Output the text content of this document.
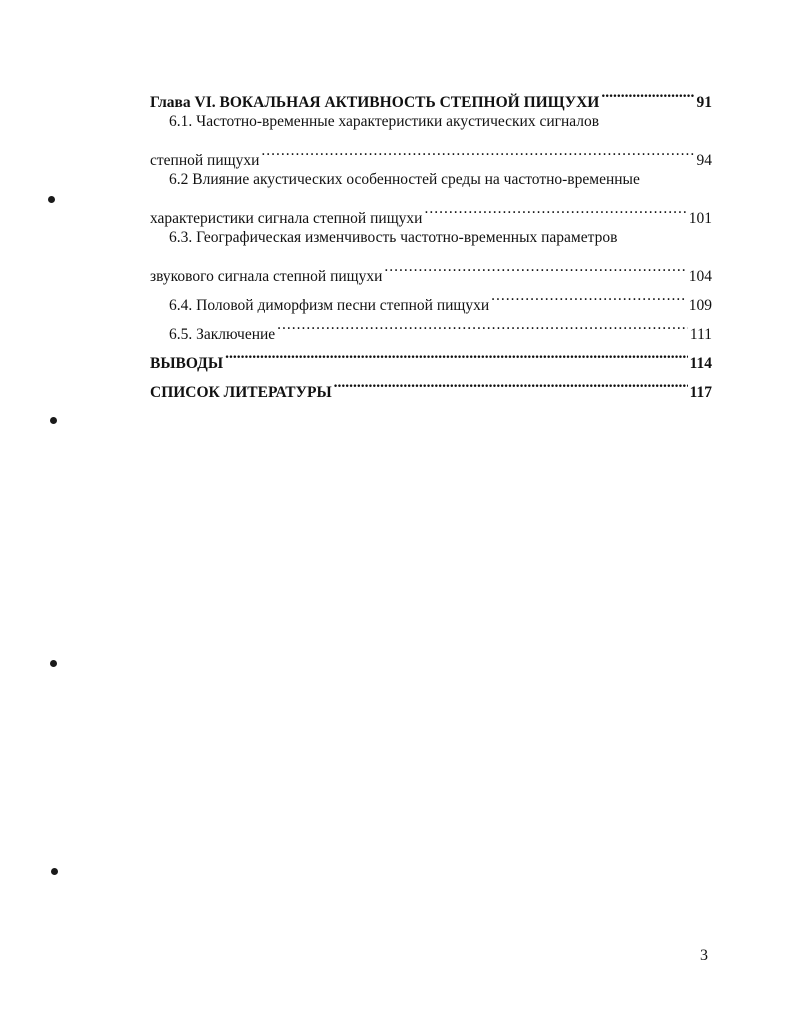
Глава VI. ВОКАЛЬНАЯ АКТИВНОСТЬ СТЕПНОЙ ПИЩУХИ .....	91
6.1. Частотно-временные характеристики акустических сигналов
степной пищухи .....	94
6.2 Влияние акустических особенностей среды на частотно-временные
характеристики сигнала степной пищухи .....	101
6.3. Географическая изменчивость частотно-временных параметров
звукового сигнала степной пищухи .....	104
6.4. Половой диморфизм песни степной пищухи .....	109
6.5. Заключение .....	111
ВЫВОДЫ .....	114
СПИСОК ЛИТЕРАТУРЫ .....	117
3
